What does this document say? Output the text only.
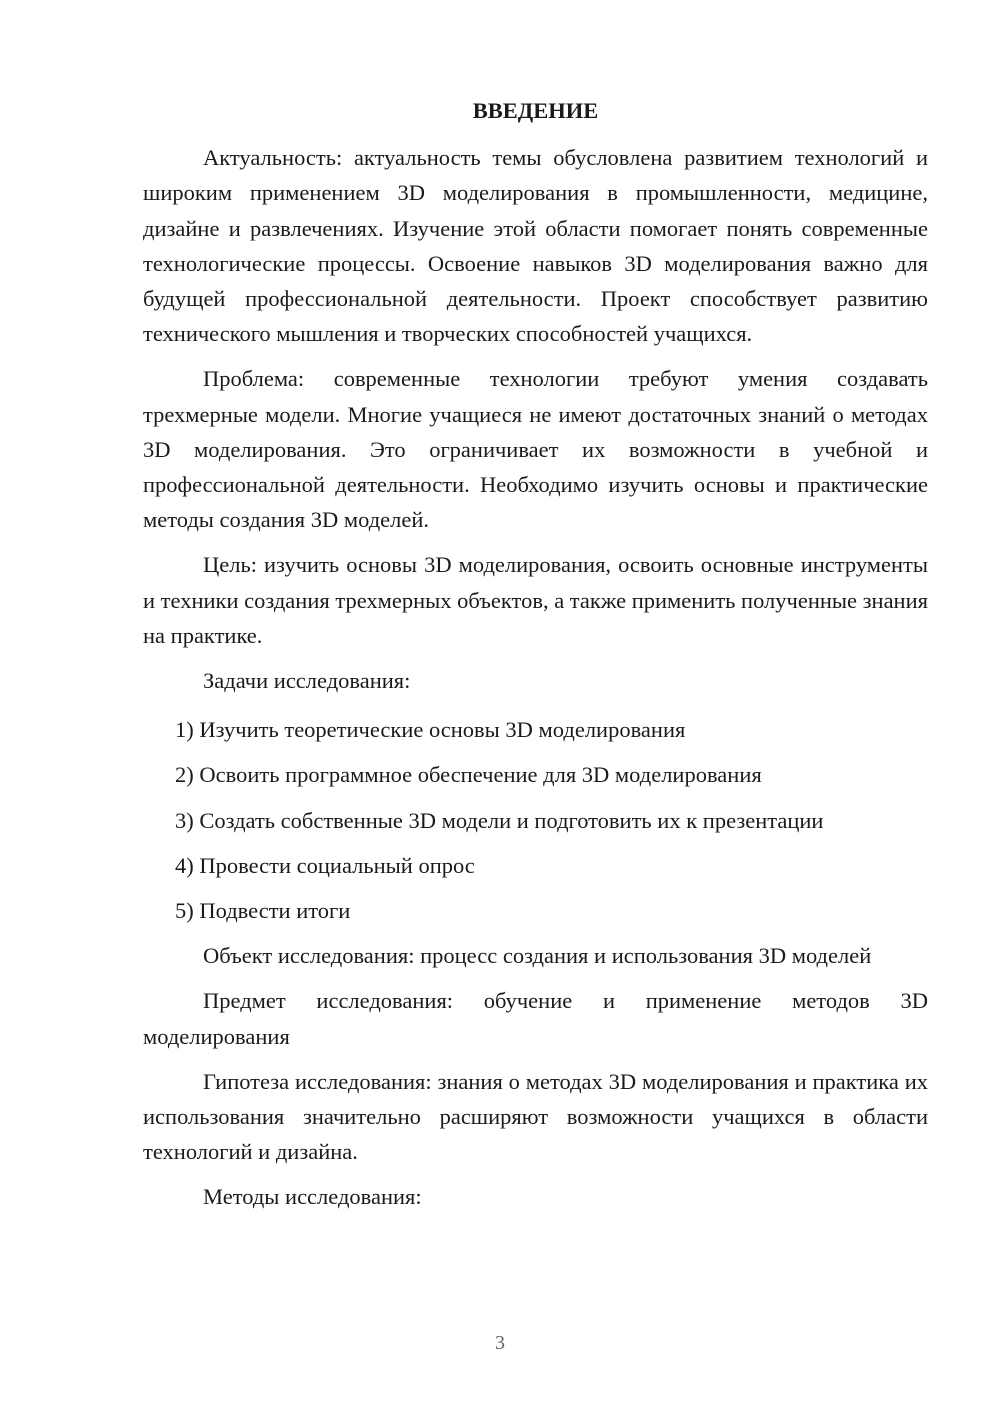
ВВЕДЕНИЕ

Актуальность: актуальность темы обусловлена развитием технологий и широким применением 3D моделирования в промышленности, медицине, дизайне и развлечениях. Изучение этой области помогает понять современные технологические процессы. Освоение навыков 3D моделирования важно для будущей профессиональной деятельности. Проект способствует развитию технического мышления и творческих способностей учащихся.

Проблема: современные технологии требуют умения создавать трехмерные модели. Многие учащиеся не имеют достаточных знаний о методах 3D моделирования. Это ограничивает их возможности в учебной и профессиональной деятельности. Необходимо изучить основы и практические методы создания 3D моделей.

Цель: изучить основы 3D моделирования, освоить основные инструменты и техники создания трехмерных объектов, а также применить полученные знания на практике.

Задачи исследования:

1) Изучить теоретические основы 3D моделирования
2) Освоить программное обеспечение для 3D моделирования
3) Создать собственные 3D модели и подготовить их к презентации
4) Провести социальный опрос
5) Подвести итоги

Объект исследования: процесс создания и использования 3D моделей

Предмет исследования: обучение и применение методов 3D моделирования

Гипотеза исследования: знания о методах 3D моделирования и практика их использования значительно расширяют возможности учащихся в области технологий и дизайна.

Методы исследования:

3
